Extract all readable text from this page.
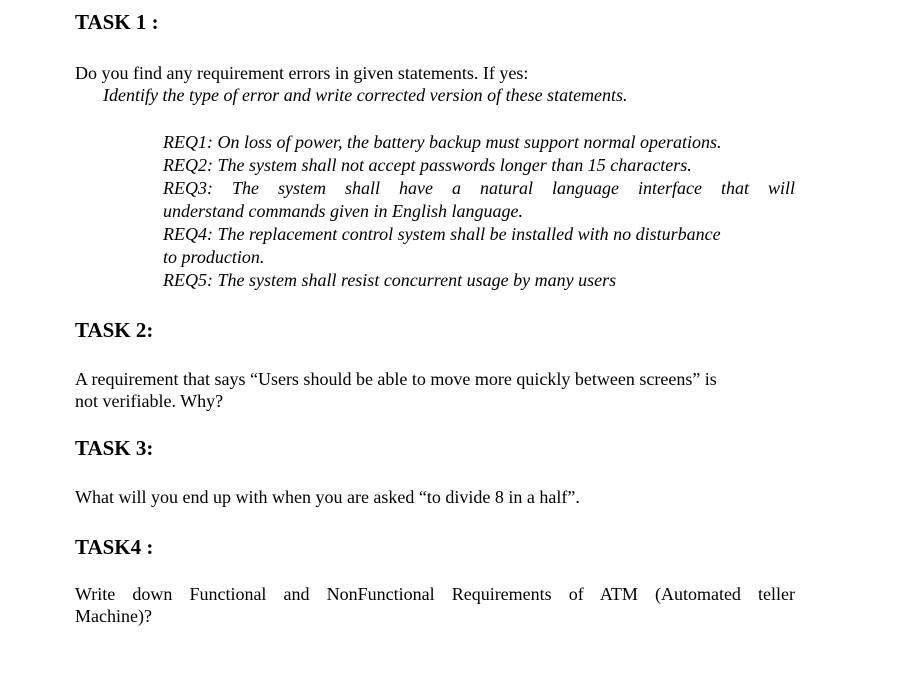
TASK 1 :

Do you find any requirement errors in given statements. If yes:

Identify the type of error and write corrected version of these statements.

REQ1: On loss of power, the battery backup must support normal operations.
REQ2: The system shall not accept passwords longer than 15 characters.
REQ3: The system shall have a natural language interface that will
understand commands given in English language.
REQ4: The replacement control system shall be installed with no disturbance
to production.
REQ5: The system shall resist concurrent usage by many users
TASK 2:

A requirement that says “Users should be able to move more quickly between screens” is
not verifiable. Why?

TASK 3:

What will you end up with when you are asked “to divide 8 in a half”.

TASK4 :

Write down Functional and NonFunctional Requirements of ATM (Automated teller
Machine)?
